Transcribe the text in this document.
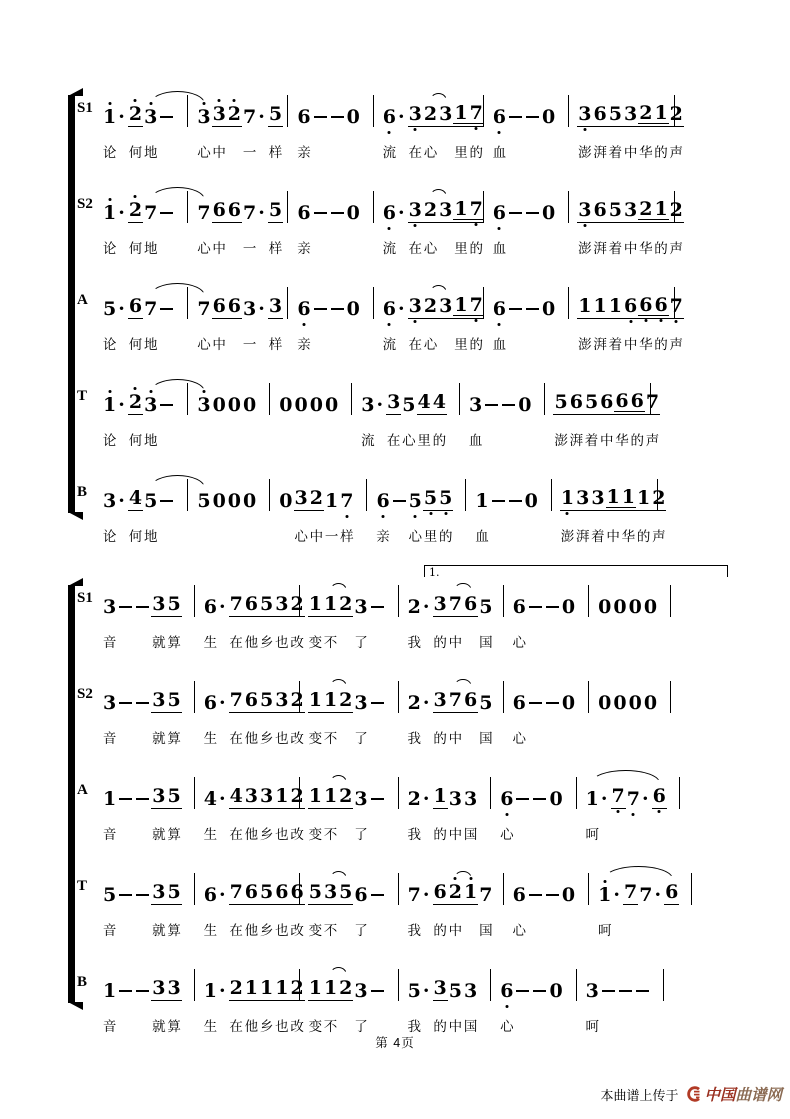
S1 1 · 2 3 3 3 2 7 · 5 6 0 6 · 3 2 3 1 7 6 0 3 6 5 3 2 1 2
论 何 地	心 中 一 样 亲	流 在 心 里 的 血	澎 湃 着 中 华 的 声
S2 1 · 2 7 7 6 6 7 · 5 6 0 6 · 3 2 3 1 7 6 0 3 6 5 3 2 1 2
论 何 地	心 中 一 样 亲	流 在 心 里 的 血	澎 湃 着 中 华 的 声
A 5 · 6 7 7 6 6 3 · 3 6 0 6 · 3 2 3 1 7 6 0 1 1 1 6 6 6 7
论 何 地	心 中 一 样 亲	流 在 心 里 的 血	澎 湃 着 中 华 的 声
T 1 · 2 3 3 0 0 0 0 0 0 0 3 · 3 5 4 4 3 0 5 6 5 6 6 6 7
论 何 地	流 在 心 里 的 血	澎 湃 着 中 华 的 声
B 3 · 4 5 5 0 0 0 0 3 2 1 7 6 5 5 5 1 0 1 3 3 1 1 1 2
论 何 地	心 中 一 样 亲 心 里 的 血	澎 湃 着 中 华 的 声
1.
S1 3 3 5 6 · 7 6 5 3 2 1 1 2 3 2 · 3 7 6 5 6 0 0 0 0 0
音	就 算 生 在 他 乡 也 改 变 不 了	我 的 中 国 心
S2 3 3 5 6 · 7 6 5 3 2 1 1 2 3 2 · 3 7 6 5 6 0 0 0 0 0
音	就 算 生 在 他 乡 也 改 变 不 了	我 的 中 国 心
A 1 3 5 4 · 4 3 3 1 2 1 1 2 3 2 · 1 3 3 6 0 1 · 7 7 · 6
音	就 算 生 在 他 乡 也 改 变 不 了	我 的 中 国 心	呵
T 5 3 5 6 · 7 6 5 6 6 5 3 5 6 7 · 6 2 1 7 6 0 1 · 7 7 · 6
音	就 算 生 在 他 乡 也 改 变 不 了	我 的 中 国 心	呵
B 1 3 3 1 · 2 1 1 1 2 1 1 2 3 5 · 3 5 3 6 0 3
音	就 算 生 在 他 乡 也 改 变 不 了	我 的 中 国 心	呵
第 4页
本曲谱上传于 中国曲谱网
